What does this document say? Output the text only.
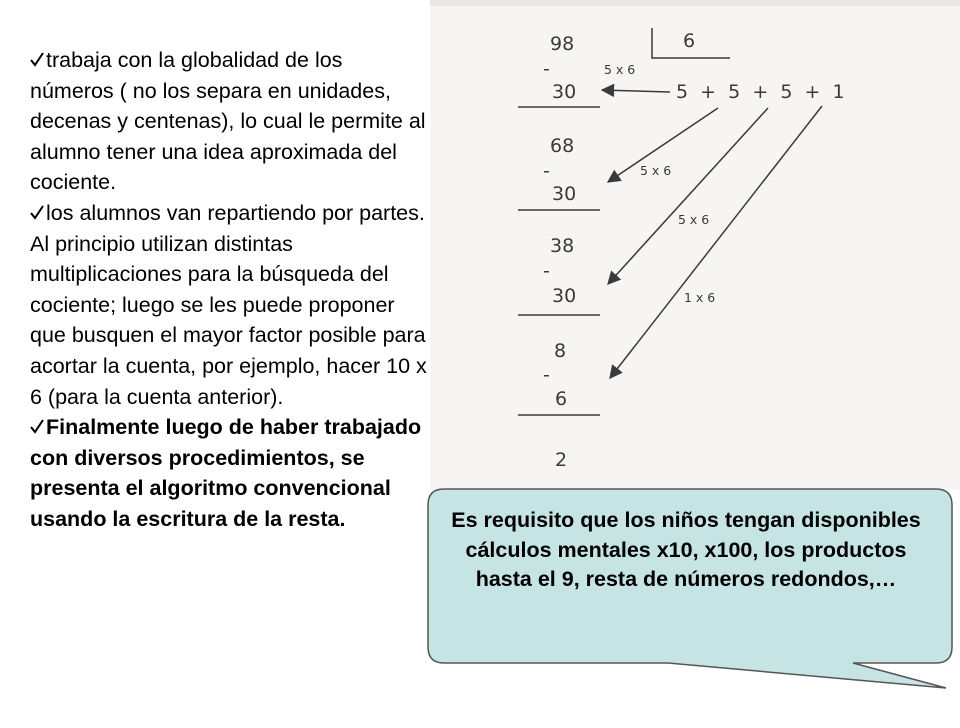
trabaja con la globalidad de los números ( no los separa en unidades, decenas y centenas), lo cual le permite al alumno tener una idea aproximada del cociente.
los alumnos van repartiendo por partes. Al principio utilizan distintas multiplicaciones para la búsqueda del cociente; luego se les puede proponer que busquen el mayor factor posible para acortar la cuenta, por ejemplo, hacer 10 x 6 (para la cuenta anterior).
Finalmente luego de haber trabajado con diversos procedimientos, se presenta el algoritmo convencional usando la escritura de la resta.
98	6
-
30
68
-
30
38
-
30
8
-
6
2
5  +  5  +  5  +  1
5 x 6
5 x 6
5 x 6
1 x 6
Es requisito que los niños tengan disponibles cálculos mentales x10, x100, los productos hasta el 9, resta de números redondos,…
